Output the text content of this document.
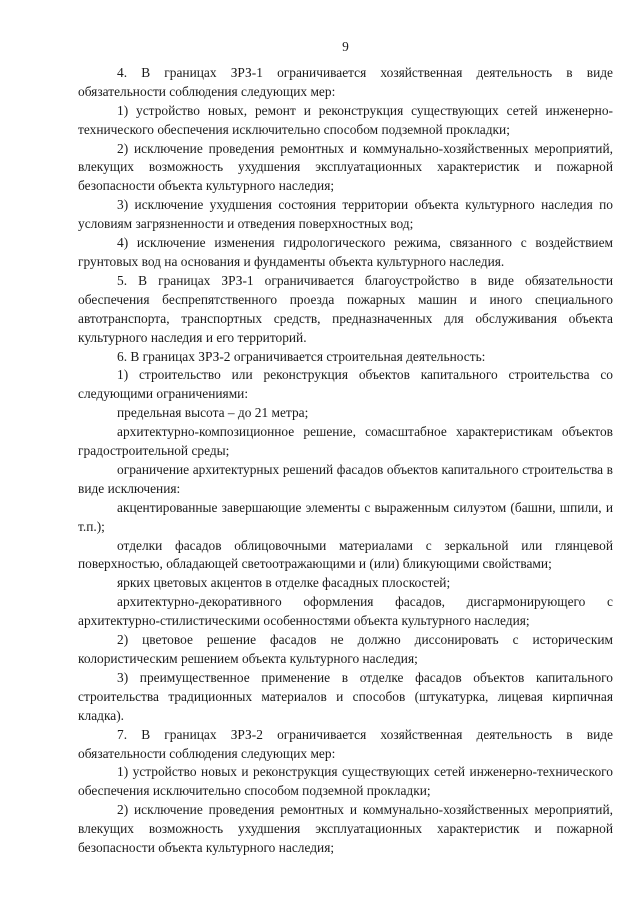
9

4. В границах ЗРЗ-1 ограничивается хозяйственная деятельность в виде обязательности соблюдения следующих мер:

1) устройство новых, ремонт и реконструкция существующих сетей инженерно-технического обеспечения исключительно способом подземной прокладки;

2) исключение проведения ремонтных и коммунально-хозяйственных мероприятий, влекущих возможность ухудшения эксплуатационных характеристик и пожарной безопасности объекта культурного наследия;

3) исключение ухудшения состояния территории объекта культурного наследия по условиям загрязненности и отведения поверхностных вод;

4) исключение изменения гидрологического режима, связанного с воздействием грунтовых вод на основания и фундаменты объекта культурного наследия.

5. В границах ЗРЗ-1 ограничивается благоустройство в виде обязательности обеспечения беспрепятственного проезда пожарных машин и иного специального автотранспорта, транспортных средств, предназначенных для обслуживания объекта культурного наследия и его территорий.

6. В границах ЗРЗ-2 ограничивается строительная деятельность:

1) строительство или реконструкция объектов капитального строительства со следующими ограничениями:

предельная высота – до 21 метра;

архитектурно-композиционное решение, сомасштабное характеристикам объектов градостроительной среды;

ограничение архитектурных решений фасадов объектов капитального строительства в виде исключения:

акцентированные завершающие элементы с выраженным силуэтом (башни, шпили, и т.п.);

отделки фасадов облицовочными материалами с зеркальной или глянцевой поверхностью, обладающей светоотражающими и (или) бликующими свойствами;

ярких цветовых акцентов в отделке фасадных плоскостей;

архитектурно-декоративного оформления фасадов, дисгармонирующего с архитектурно-стилистическими особенностями объекта культурного наследия;

2) цветовое решение фасадов не должно диссонировать с историческим колористическим решением объекта культурного наследия;

3) преимущественное применение в отделке фасадов объектов капитального строительства традиционных материалов и способов (штукатурка, лицевая кирпичная кладка).

7. В границах ЗРЗ-2 ограничивается хозяйственная деятельность в виде обязательности соблюдения следующих мер:

1) устройство новых и реконструкция существующих сетей инженерно-технического обеспечения исключительно способом подземной прокладки;

2) исключение проведения ремонтных и коммунально-хозяйственных мероприятий, влекущих возможность ухудшения эксплуатационных характеристик и пожарной безопасности объекта культурного наследия;
